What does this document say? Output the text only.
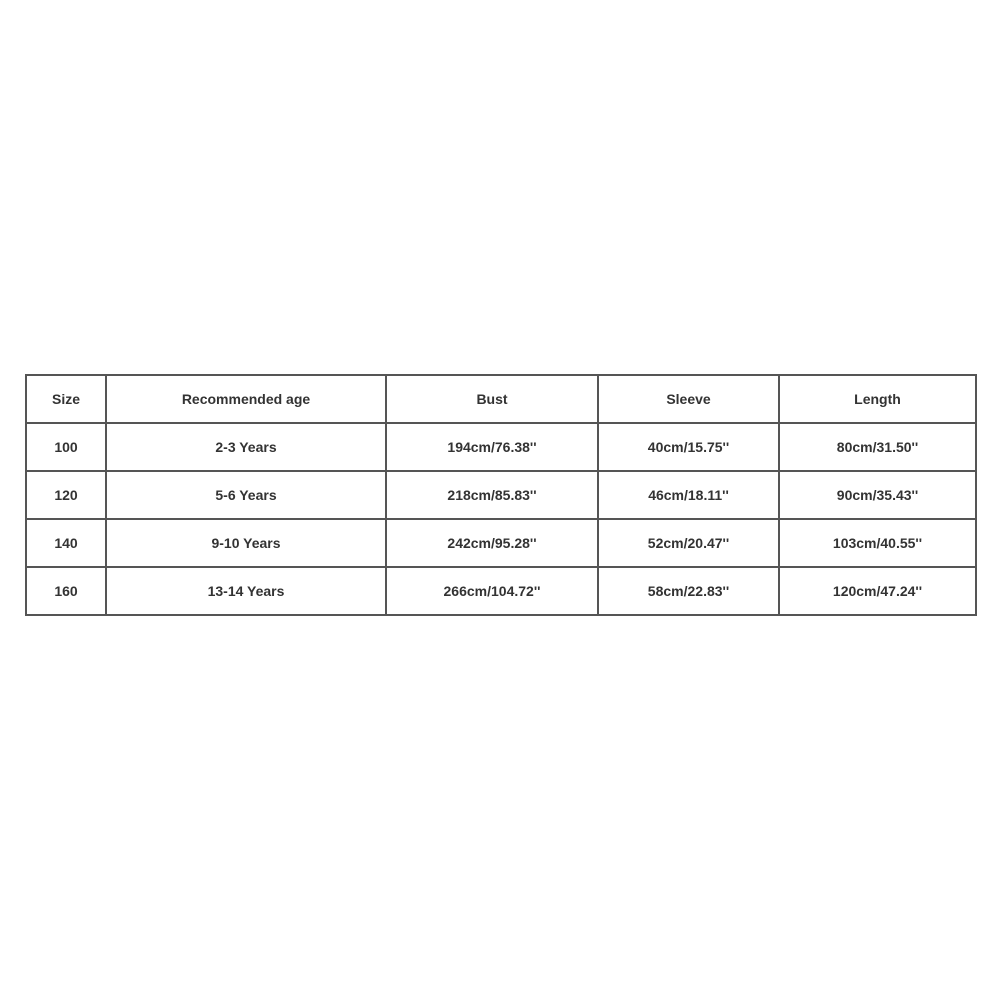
Size	Recommended age	Bust	Sleeve	Length
100	2-3 Years	194cm/76.38''	40cm/15.75''	80cm/31.50''
120	5-6 Years	218cm/85.83''	46cm/18.11''	90cm/35.43''
140	9-10 Years	242cm/95.28''	52cm/20.47''	103cm/40.55''
160	13-14 Years	266cm/104.72''	58cm/22.83''	120cm/47.24''
